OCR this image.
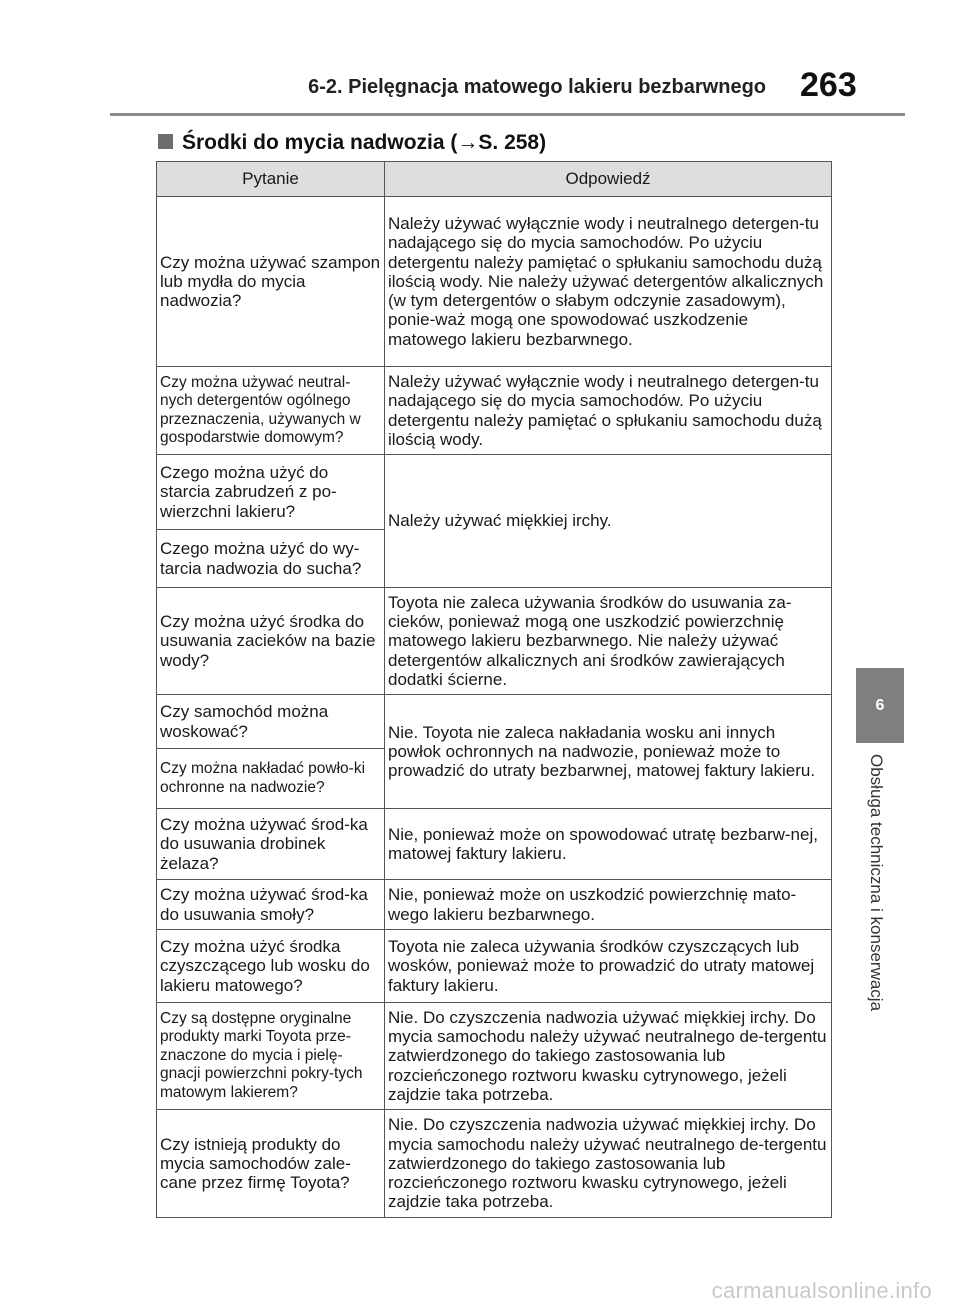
6-2. Pielęgnacja matowego lakieru bezbarwnego 263
Środki do mycia nadwozia (→S. 258)
Pytanie	Odpowiedź
Czy można używać szampon lub mydła do mycia nadwozia?	Należy używać wyłącznie wody i neutralnego detergen-tu nadającego się do mycia samochodów. Po użyciu detergentu należy pamiętać o spłukaniu samochodu dużą ilością wody. Nie należy używać detergentów alkalicznych (w tym detergentów o słabym odczynie zasadowym), ponie-waż mogą one spowodować uszkodzenie matowego lakieru bezbarwnego.
Czy można używać neutral-nych detergentów ogólnego przeznaczenia, używanych w gospodarstwie domowym?	Należy używać wyłącznie wody i neutralnego detergen-tu nadającego się do mycia samochodów. Po użyciu detergentu należy pamiętać o spłukaniu samochodu dużą ilością wody.
Czego można użyć do starcia zabrudzeń z po-wierzchni lakieru?	Należy używać miękkiej irchy.
Czego można użyć do wy-tarcia nadwozia do sucha?	
Czy można użyć środka do usuwania zacieków na bazie wody?	Toyota nie zaleca używania środków do usuwania za-cieków, ponieważ mogą one uszkodzić powierzchnię matowego lakieru bezbarwnego. Nie należy używać detergentów alkalicznych ani środków zawierających dodatki ścierne.
Czy samochód można woskować?	Nie. Toyota nie zaleca nakładania wosku ani innych powłok ochronnych na nadwozie, ponieważ może to prowadzić do utraty bezbarwnej, matowej faktury lakieru.
Czy można nakładać powło-ki ochronne na nadwozie?	
Czy można używać środ-ka do usuwania drobinek żelaza?	Nie, ponieważ może on spowodować utratę bezbarw-nej, matowej faktury lakieru.
Czy można używać środ-ka do usuwania smoły?	Nie, ponieważ może on uszkodzić powierzchnię mato-wego lakieru bezbarwnego.
Czy można użyć środka czyszczącego lub wosku do lakieru matowego?	Toyota nie zaleca używania środków czyszczących lub wosków, ponieważ może to prowadzić do utraty matowej faktury lakieru.
Czy są dostępne oryginalne produkty marki Toyota prze-znaczone do mycia i pielę-gnacji powierzchni pokry-tych matowym lakierem?	Nie. Do czyszczenia nadwozia używać miękkiej irchy. Do mycia samochodu należy używać neutralnego de-tergentu zatwierdzonego do takiego zastosowania lub rozcieńczonego roztworu kwasku cytrynowego, jeżeli zajdzie taka potrzeba.
Czy istnieją produkty do mycia samochodów zale-cane przez firmę Toyota?	Nie. Do czyszczenia nadwozia używać miękkiej irchy. Do mycia samochodu należy używać neutralnego de-tergentu zatwierdzonego do takiego zastosowania lub rozcieńczonego roztworu kwasku cytrynowego, jeżeli zajdzie taka potrzeba.
6
Obsługa techniczna i konserwacja
carmanualsonline.info
